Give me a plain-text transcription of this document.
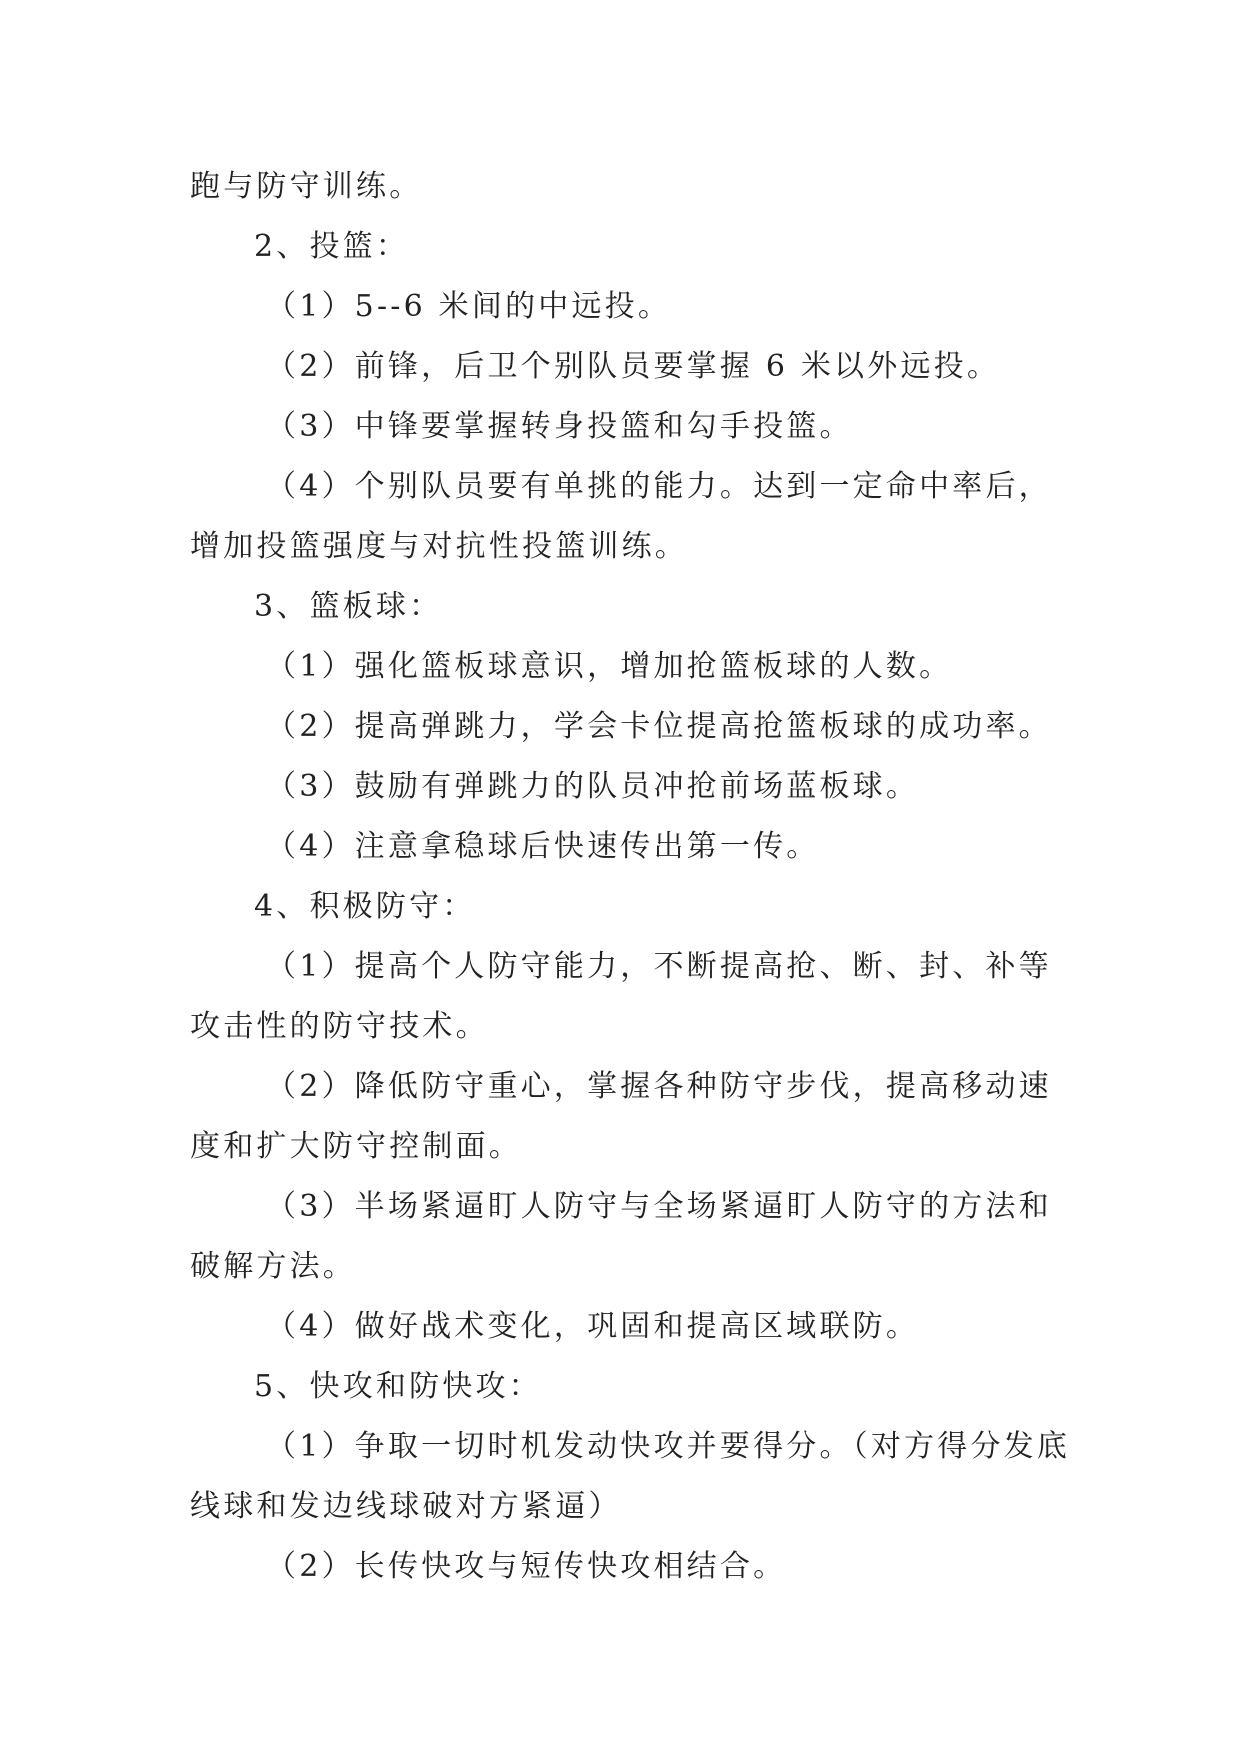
跑与防守训练。
2、投篮：
（1）5--6 米间的中远投。
（2）前锋，后卫个别队员要掌握 6 米以外远投。
（3）中锋要掌握转身投篮和勾手投篮。
（4）个别队员要有单挑的能力。达到一定命中率后，
增加投篮强度与对抗性投篮训练。
3、篮板球：
（1）强化篮板球意识，增加抢篮板球的人数。
（2）提高弹跳力，学会卡位提高抢篮板球的成功率。
（3）鼓励有弹跳力的队员冲抢前场蓝板球。
（4）注意拿稳球后快速传出第一传。
4、积极防守：
（1）提高个人防守能力，不断提高抢、断、封、补等
攻击性的防守技术。
（2）降低防守重心，掌握各种防守步伐，提高移动速
度和扩大防守控制面。
（3）半场紧逼盯人防守与全场紧逼盯人防守的方法和
破解方法。
（4）做好战术变化，巩固和提高区域联防。
5、快攻和防快攻：
（1）争取一切时机发动快攻并要得分。（对方得分发底
线球和发边线球破对方紧逼）
（2）长传快攻与短传快攻相结合。
